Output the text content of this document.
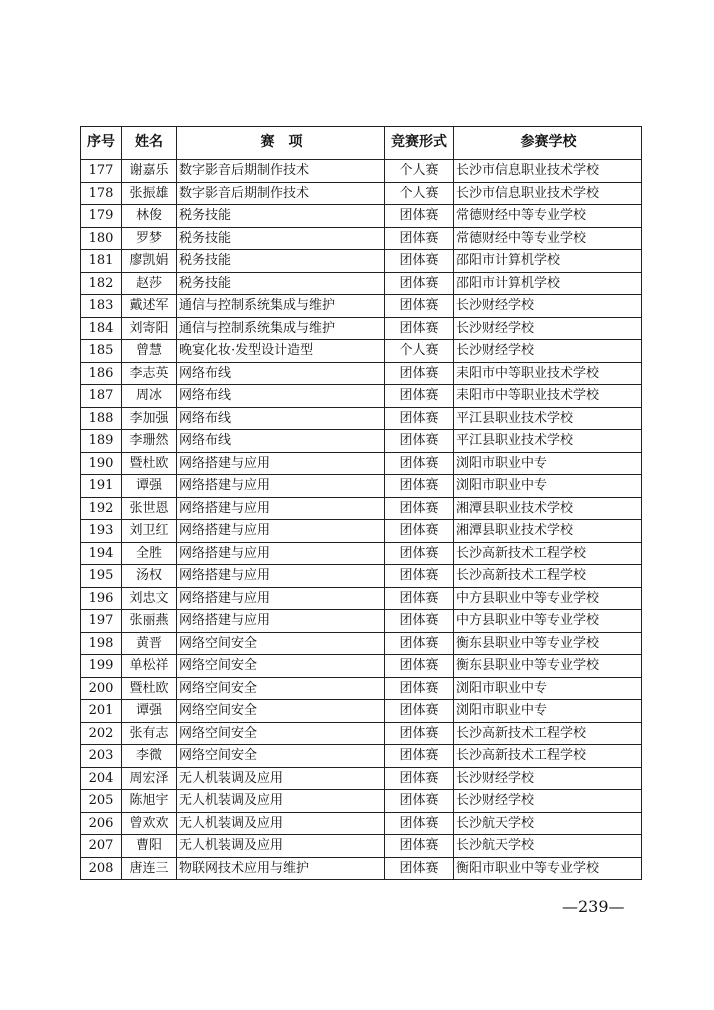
序号	姓名	赛　项	竞赛形式	参赛学校
177	谢嘉乐	数字影音后期制作技术	个人赛	长沙市信息职业技术学校
178	张振雄	数字影音后期制作技术	个人赛	长沙市信息职业技术学校
179	林俊	税务技能	团体赛	常德财经中等专业学校
180	罗梦	税务技能	团体赛	常德财经中等专业学校
181	廖凯娟	税务技能	团体赛	邵阳市计算机学校
182	赵莎	税务技能	团体赛	邵阳市计算机学校
183	戴述军	通信与控制系统集成与维护	团体赛	长沙财经学校
184	刘寄阳	通信与控制系统集成与维护	团体赛	长沙财经学校
185	曾慧	晚宴化妆·发型设计造型	个人赛	长沙财经学校
186	李志英	网络布线	团体赛	耒阳市中等职业技术学校
187	周冰	网络布线	团体赛	耒阳市中等职业技术学校
188	李加强	网络布线	团体赛	平江县职业技术学校
189	李珊然	网络布线	团体赛	平江县职业技术学校
190	暨杜欧	网络搭建与应用	团体赛	浏阳市职业中专
191	谭强	网络搭建与应用	团体赛	浏阳市职业中专
192	张世恩	网络搭建与应用	团体赛	湘潭县职业技术学校
193	刘卫红	网络搭建与应用	团体赛	湘潭县职业技术学校
194	全胜	网络搭建与应用	团体赛	长沙高新技术工程学校
195	汤权	网络搭建与应用	团体赛	长沙高新技术工程学校
196	刘忠文	网络搭建与应用	团体赛	中方县职业中等专业学校
197	张丽燕	网络搭建与应用	团体赛	中方县职业中等专业学校
198	黄晋	网络空间安全	团体赛	衡东县职业中等专业学校
199	单松祥	网络空间安全	团体赛	衡东县职业中等专业学校
200	暨杜欧	网络空间安全	团体赛	浏阳市职业中专
201	谭强	网络空间安全	团体赛	浏阳市职业中专
202	张有志	网络空间安全	团体赛	长沙高新技术工程学校
203	李微	网络空间安全	团体赛	长沙高新技术工程学校
204	周宏泽	无人机装调及应用	团体赛	长沙财经学校
205	陈旭宇	无人机装调及应用	团体赛	长沙财经学校
206	曾欢欢	无人机装调及应用	团体赛	长沙航天学校
207	曹阳	无人机装调及应用	团体赛	长沙航天学校
208	唐连三	物联网技术应用与维护	团体赛	衡阳市职业中等专业学校
—239—
